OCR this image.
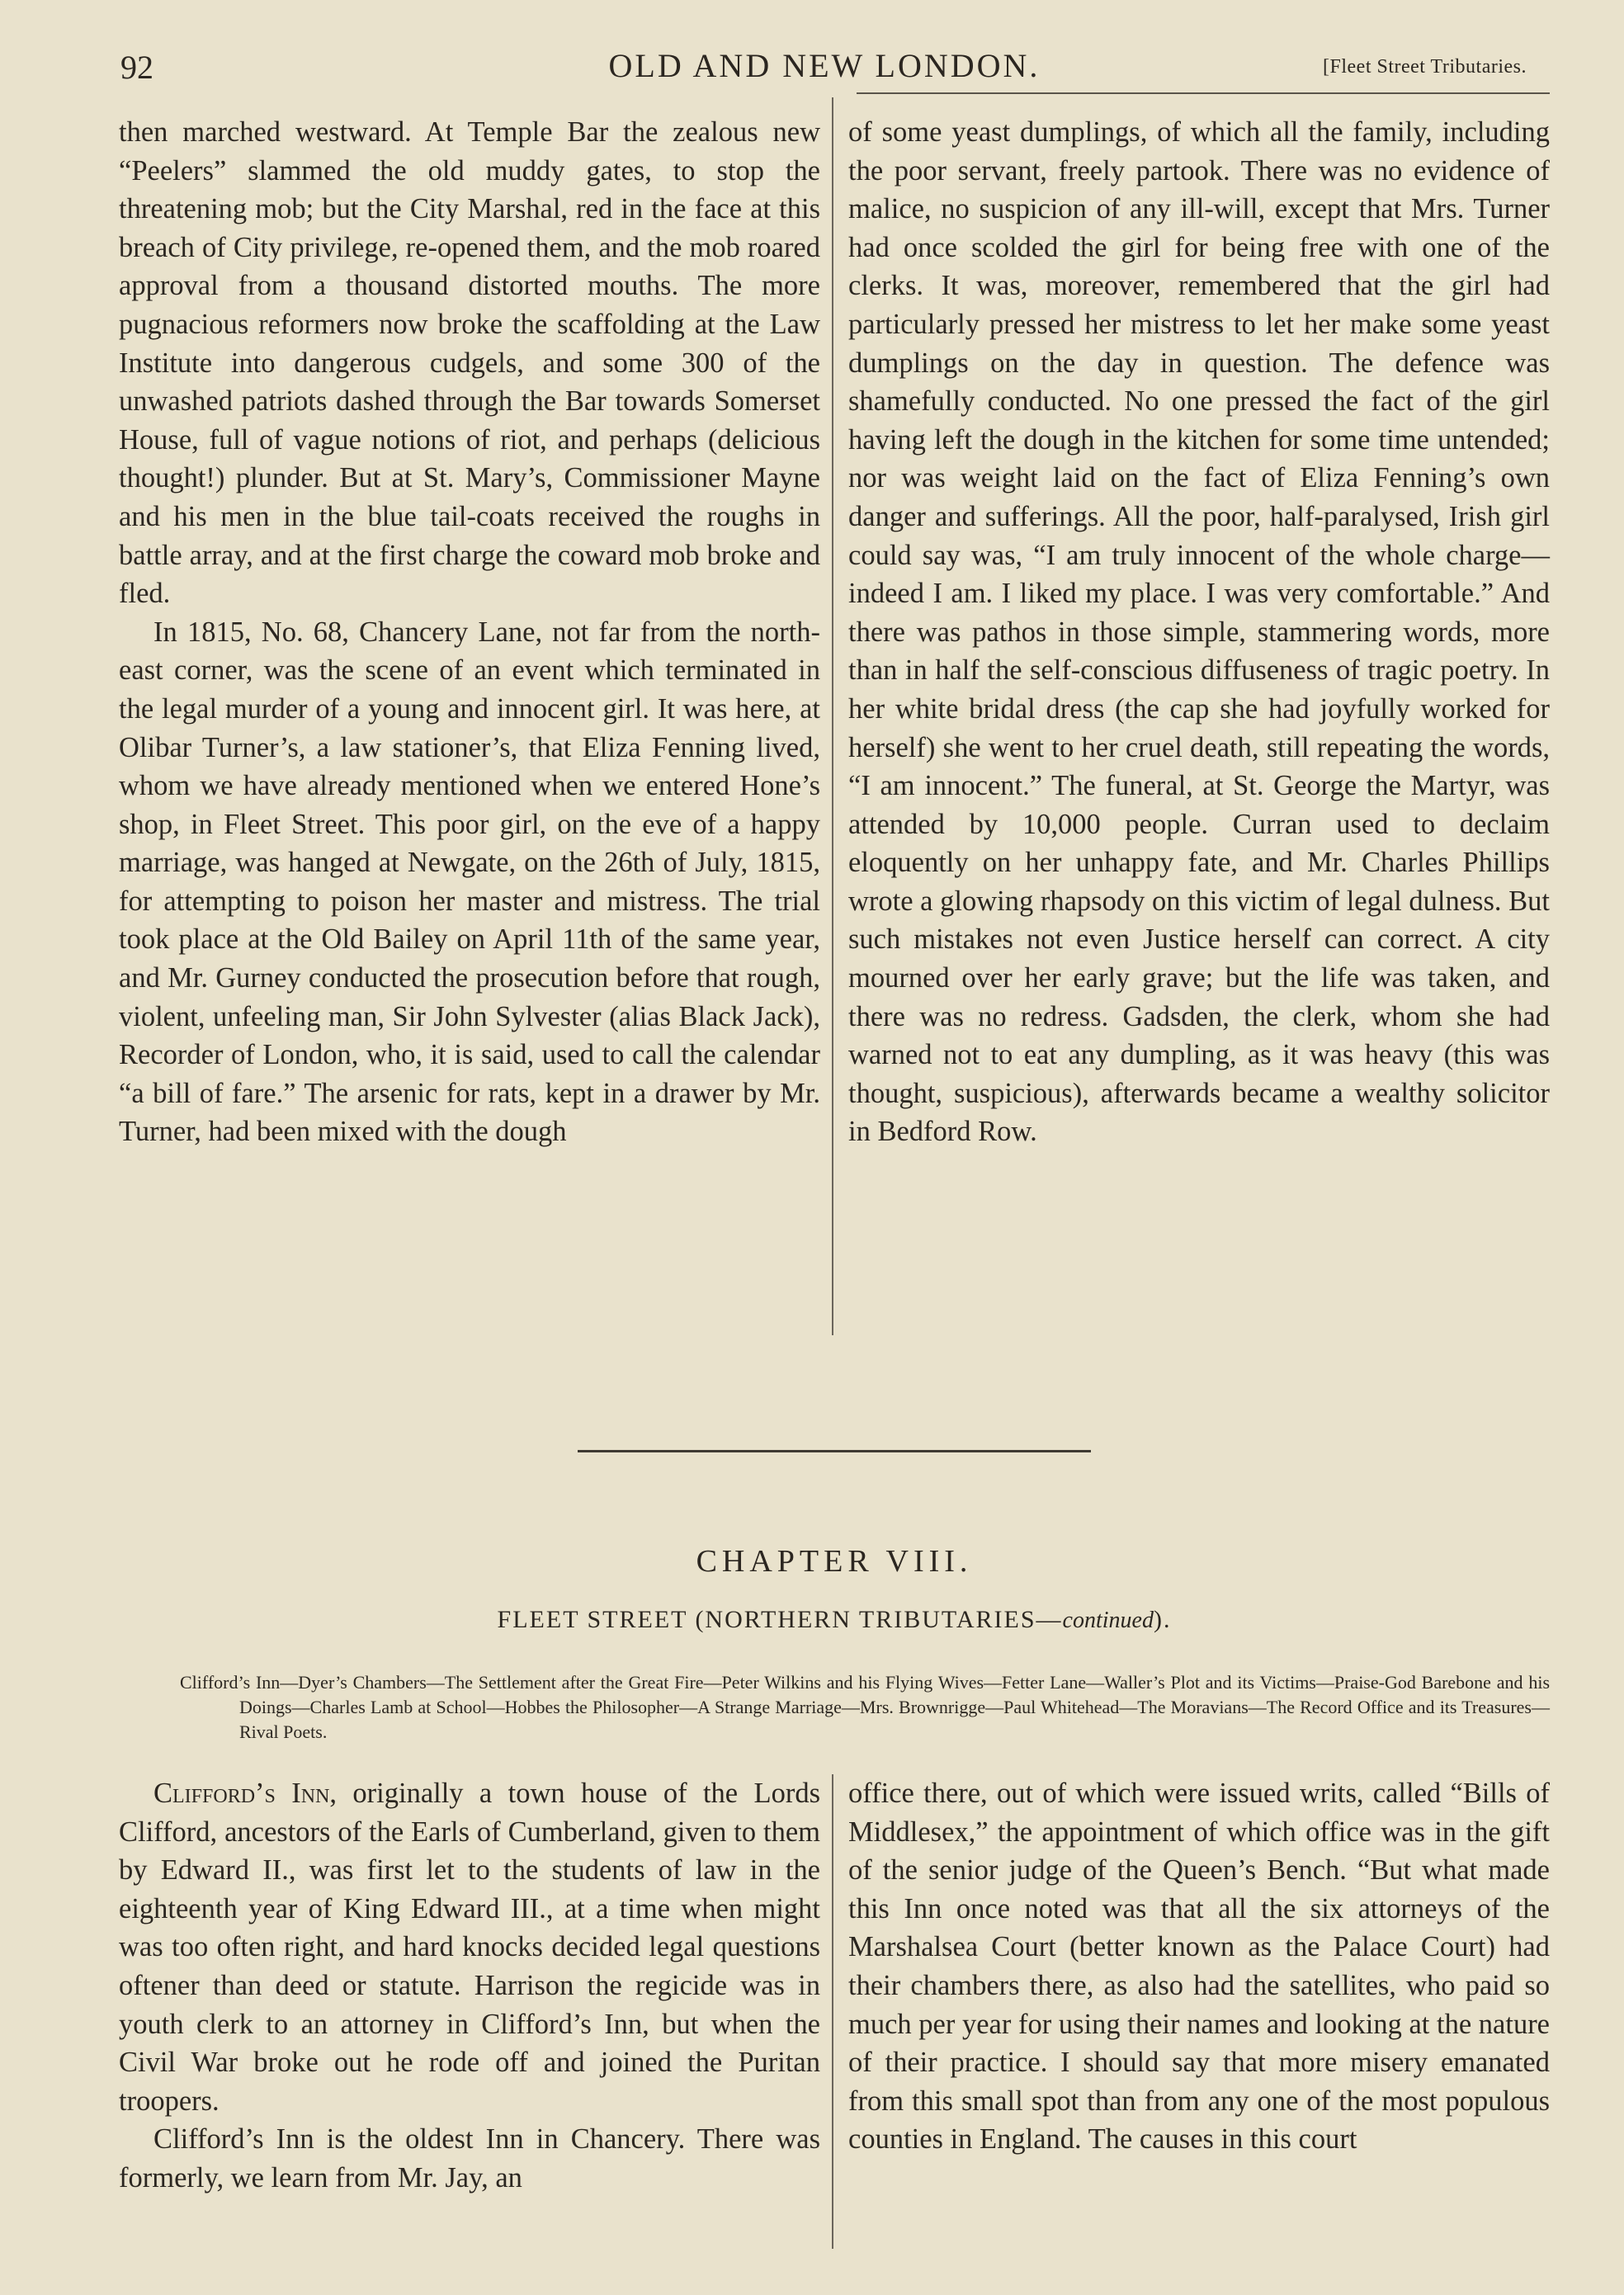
92	OLD AND NEW LONDON.	[Fleet Street Tributaries.

then marched westward. At Temple Bar the zealous new “Peelers” slammed the old muddy gates, to stop the threatening mob; but the City Marshal, red in the face at this breach of City privilege, re-opened them, and the mob roared approval from a thousand distorted mouths. The more pugnacious reformers now broke the scaffolding at the Law Institute into dangerous cudgels, and some 300 of the unwashed patriots dashed through the Bar towards Somerset House, full of vague notions of riot, and perhaps (delicious thought!) plunder. But at St. Mary’s, Commissioner Mayne and his men in the blue tail-coats received the roughs in battle array, and at the first charge the coward mob broke and fled.

In 1815, No. 68, Chancery Lane, not far from the north-east corner, was the scene of an event which terminated in the legal murder of a young and innocent girl. It was here, at Olibar Turner’s, a law stationer’s, that Eliza Fenning lived, whom we have already mentioned when we entered Hone’s shop, in Fleet Street. This poor girl, on the eve of a happy marriage, was hanged at Newgate, on the 26th of July, 1815, for attempting to poison her master and mistress. The trial took place at the Old Bailey on April 11th of the same year, and Mr. Gurney conducted the prosecution before that rough, violent, unfeeling man, Sir John Sylvester (alias Black Jack), Recorder of London, who, it is said, used to call the calendar “a bill of fare.” The arsenic for rats, kept in a drawer by Mr. Turner, had been mixed with the dough

of some yeast dumplings, of which all the family, including the poor servant, freely partook. There was no evidence of malice, no suspicion of any ill-will, except that Mrs. Turner had once scolded the girl for being free with one of the clerks. It was, moreover, remembered that the girl had particularly pressed her mistress to let her make some yeast dumplings on the day in question. The defence was shamefully conducted. No one pressed the fact of the girl having left the dough in the kitchen for some time untended; nor was weight laid on the fact of Eliza Fenning’s own danger and sufferings. All the poor, half-paralysed, Irish girl could say was, “I am truly innocent of the whole charge—indeed I am. I liked my place. I was very comfortable.” And there was pathos in those simple, stammering words, more than in half the self-conscious diffuseness of tragic poetry. In her white bridal dress (the cap she had joyfully worked for herself) she went to her cruel death, still repeating the words, “I am innocent.” The funeral, at St. George the Martyr, was attended by 10,000 people. Curran used to declaim eloquently on her unhappy fate, and Mr. Charles Phillips wrote a glowing rhapsody on this victim of legal dulness. But such mistakes not even Justice herself can correct. A city mourned over her early grave; but the life was taken, and there was no redress. Gadsden, the clerk, whom she had warned not to eat any dumpling, as it was heavy (this was thought, suspicious), afterwards became a wealthy solicitor in Bedford Row.

CHAPTER VIII.
FLEET STREET (NORTHERN TRIBUTARIES—continued).
Clifford’s Inn—Dyer’s Chambers—The Settlement after the Great Fire—Peter Wilkins and his Flying Wives—Fetter Lane—Waller’s Plot and its Victims—Praise-God Barebone and his Doings—Charles Lamb at School—Hobbes the Philosopher—A Strange Marriage—Mrs. Brownrigge—Paul Whitehead—The Moravians—The Record Office and its Treasures—Rival Poets.

Clifford’s Inn, originally a town house of the Lords Clifford, ancestors of the Earls of Cumberland, given to them by Edward II., was first let to the students of law in the eighteenth year of King Edward III., at a time when might was too often right, and hard knocks decided legal questions oftener than deed or statute. Harrison the regicide was in youth clerk to an attorney in Clifford’s Inn, but when the Civil War broke out he rode off and joined the Puritan troopers.

Clifford’s Inn is the oldest Inn in Chancery. There was formerly, we learn from Mr. Jay, an

office there, out of which were issued writs, called “Bills of Middlesex,” the appointment of which office was in the gift of the senior judge of the Queen’s Bench. “But what made this Inn once noted was that all the six attorneys of the Marshalsea Court (better known as the Palace Court) had their chambers there, as also had the satellites, who paid so much per year for using their names and looking at the nature of their practice. I should say that more misery emanated from this small spot than from any one of the most populous counties in England. The causes in this court
